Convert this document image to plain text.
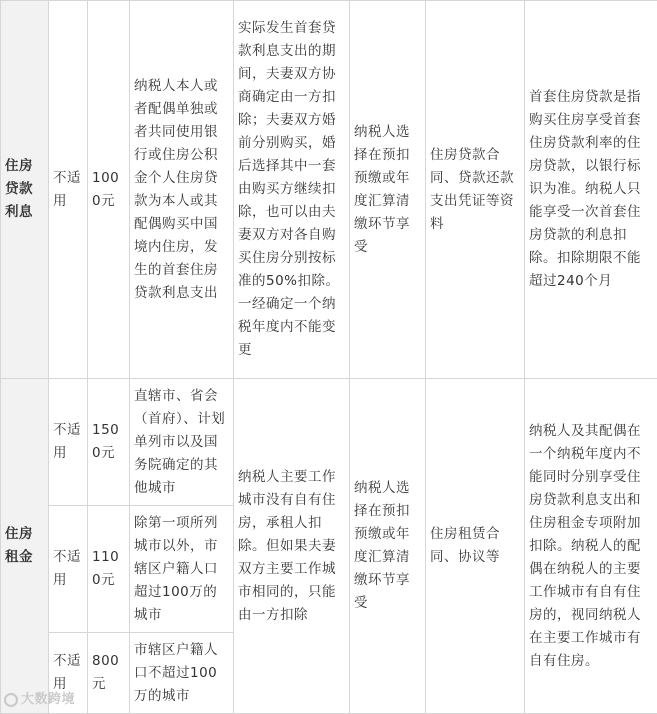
住房贷款利息	不适用	1000元	纳税人本人或者配偶单独或者共同使用银行或住房公积金个人住房贷款为本人或其配偶购买中国境内住房，发生的首套住房贷款利息支出	实际发生首套贷款利息支出的期间，夫妻双方协商确定由一方扣除；夫妻双方婚前分别购买，婚后选择其中一套由购买方继续扣除，也可以由夫妻双方对各自购买住房分别按标准的50%扣除。一经确定一个纳税年度内不能变更	纳税人选择在预扣预缴或年度汇算清缴环节享受	住房贷款合同、贷款还款支出凭证等资料	首套住房贷款是指购买住房享受首套住房贷款利率的住房贷款，以银行标识为准。纳税人只能享受一次首套住房贷款的利息扣除。扣除期限不能超过240个月
住房租金	不适用	1500元	直辖市、省会（首府）、计划单列市以及国务院确定的其他城市	纳税人主要工作城市没有自有住房，承租人扣除。但如果夫妻双方主要工作城市相同的，只能由一方扣除	纳税人选择在预扣预缴或年度汇算清缴环节享受	住房租赁合同、协议等	纳税人及其配偶在一个纳税年度内不能同时分别享受住房贷款利息支出和住房租金专项附加扣除。纳税人的配偶在纳税人的主要工作城市有自有住房的，视同纳税人在主要工作城市有自有住房。
	不适用	1100元	除第一项所列城市以外，市辖区户籍人口超过100万的城市				
	不适用	800元	市辖区户籍人口不超过100万的城市				
大数跨境
